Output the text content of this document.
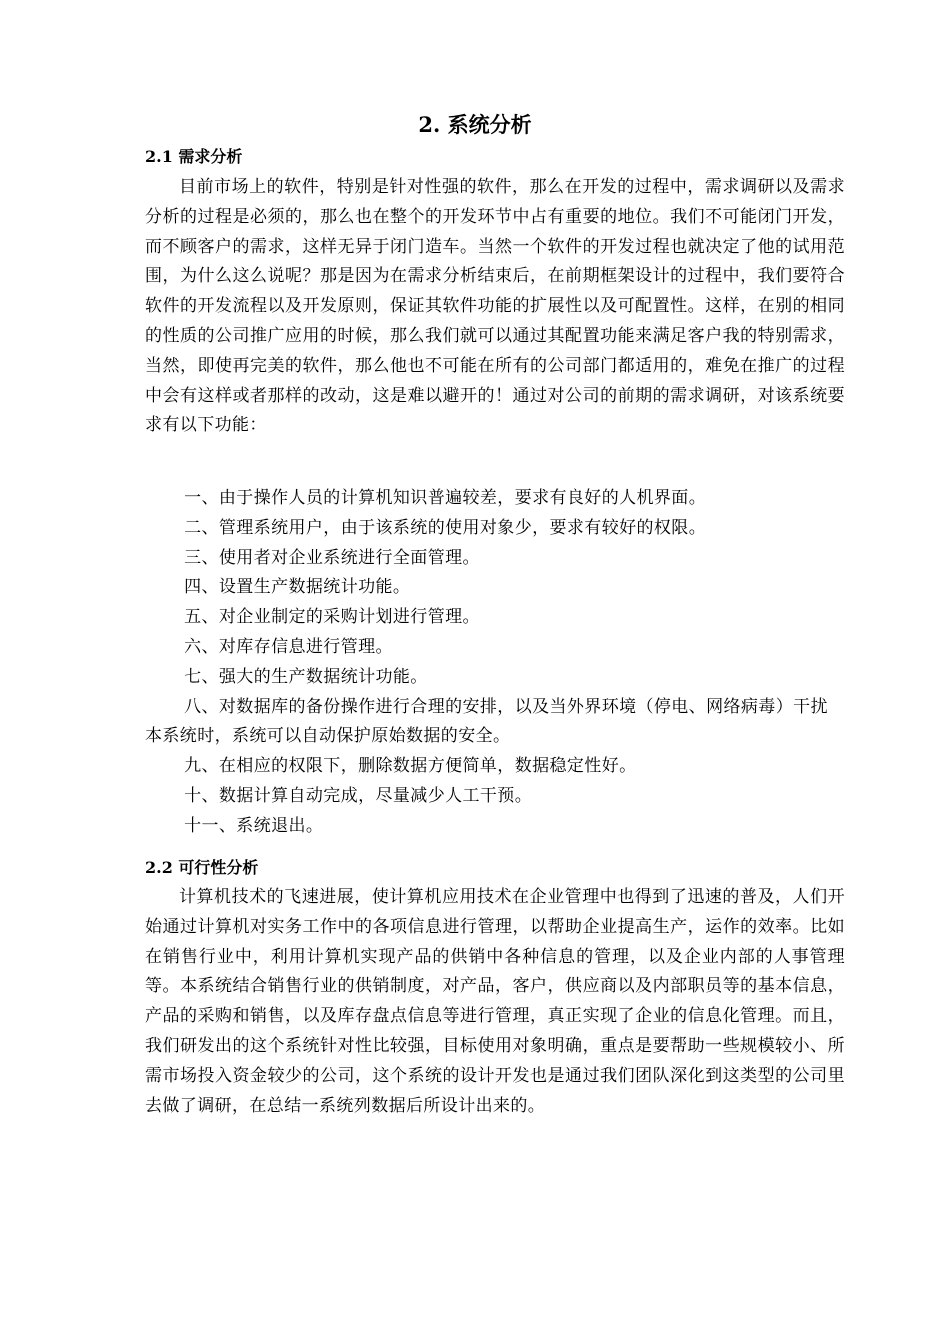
2. 系统分析
2.1 需求分析

目前市场上的软件，特别是针对性强的软件，那么在开发的过程中，需求调研以及需求分析的过程是必须的，那么也在整个的开发环节中占有重要的地位。我们不可能闭门开发，而不顾客户的需求，这样无异于闭门造车。当然一个软件的开发过程也就决定了他的试用范围，为什么这么说呢？那是因为在需求分析结束后，在前期框架设计的过程中，我们要符合软件的开发流程以及开发原则，保证其软件功能的扩展性以及可配置性。这样，在别的相同的性质的公司推广应用的时候，那么我们就可以通过其配置功能来满足客户我的特别需求，当然，即使再完美的软件，那么他也不可能在所有的公司部门都适用的，难免在推广的过程中会有这样或者那样的改动，这是难以避开的！通过对公司的前期的需求调研，对该系统要求有以下功能：

一、由于操作人员的计算机知识普遍较差，要求有良好的人机界面。
二、管理系统用户，由于该系统的使用对象少，要求有较好的权限。
三、使用者对企业系统进行全面管理。
四、设置生产数据统计功能。
五、对企业制定的采购计划进行管理。
六、对库存信息进行管理。
七、强大的生产数据统计功能。
八、对数据库的备份操作进行合理的安排，以及当外界环境（停电、网络病毒）干扰本系统时，系统可以自动保护原始数据的安全。
九、在相应的权限下，删除数据方便简单，数据稳定性好。
十、数据计算自动完成，尽量减少人工干预。
十一、系统退出。
2.2 可行性分析

计算机技术的飞速进展，使计算机应用技术在企业管理中也得到了迅速的普及，人们开始通过计算机对实务工作中的各项信息进行管理，以帮助企业提高生产，运作的效率。比如在销售行业中，利用计算机实现产品的供销中各种信息的管理，以及企业内部的人事管理等。本系统结合销售行业的供销制度，对产品，客户，供应商以及内部职员等的基本信息，产品的采购和销售，以及库存盘点信息等进行管理，真正实现了企业的信息化管理。而且，我们研发出的这个系统针对性比较强，目标使用对象明确，重点是要帮助一些规模较小、所需市场投入资金较少的公司，这个系统的设计开发也是通过我们团队深化到这类型的公司里去做了调研，在总结一系统列数据后所设计出来的。
